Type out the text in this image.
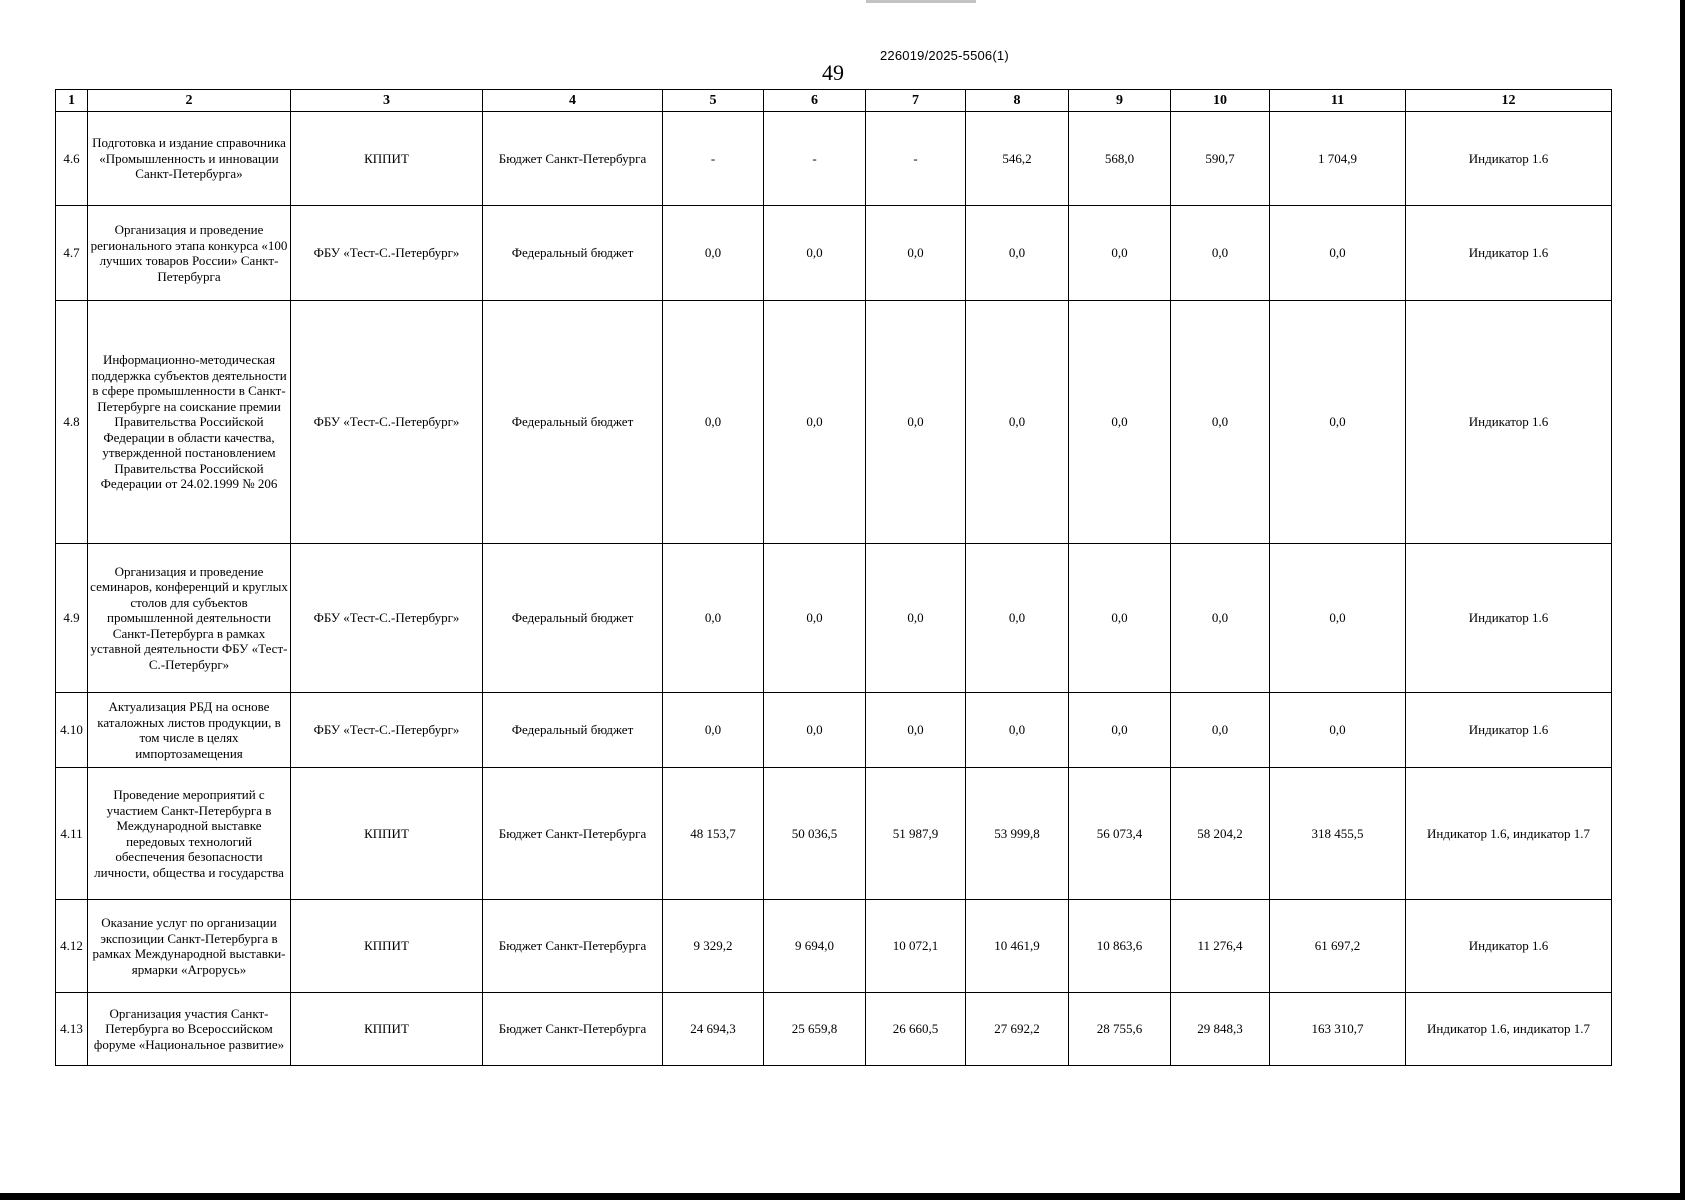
226019/2025-5506(1)
49
1	2	3	4	5	6	7	8	9	10	11	12
4.6	Подготовка и издание справочника «Промышленность и инновации Санкт-Петербурга»	КППИТ	Бюджет Санкт-Петербурга	-	-	-	546,2	568,0	590,7	1 704,9	Индикатор 1.6
4.7	Организация и проведение регионального этапа конкурса «100 лучших товаров России» Санкт-Петербурга	ФБУ «Тест-С.-Петербург»	Федеральный бюджет	0,0	0,0	0,0	0,0	0,0	0,0	0,0	Индикатор 1.6
4.8	Информационно-методическая поддержка субъектов деятельности в сфере промышленности в Санкт-Петербурге на соискание премии Правительства Российской Федерации в области качества, утвержденной постановлением Правительства Российской Федерации от 24.02.1999 № 206	ФБУ «Тест-С.-Петербург»	Федеральный бюджет	0,0	0,0	0,0	0,0	0,0	0,0	0,0	Индикатор 1.6
4.9	Организация и проведение семинаров, конференций и круглых столов для субъектов промышленной деятельности Санкт-Петербурга в рамках уставной деятельности ФБУ «Тест-С.-Петербург»	ФБУ «Тест-С.-Петербург»	Федеральный бюджет	0,0	0,0	0,0	0,0	0,0	0,0	0,0	Индикатор 1.6
4.10	Актуализация РБД на основе каталожных листов продукции, в том числе в целях импортозамещения	ФБУ «Тест-С.-Петербург»	Федеральный бюджет	0,0	0,0	0,0	0,0	0,0	0,0	0,0	Индикатор 1.6
4.11	Проведение мероприятий с участием Санкт-Петербурга в Международной выставке передовых технологий обеспечения безопасности личности, общества и государства	КППИТ	Бюджет Санкт-Петербурга	48 153,7	50 036,5	51 987,9	53 999,8	56 073,4	58 204,2	318 455,5	Индикатор 1.6, индикатор 1.7
4.12	Оказание услуг по организации экспозиции Санкт-Петербурга в рамках Международной выставки-ярмарки «Агрорусь»	КППИТ	Бюджет Санкт-Петербурга	9 329,2	9 694,0	10 072,1	10 461,9	10 863,6	11 276,4	61 697,2	Индикатор 1.6
4.13	Организация участия Санкт-Петербурга во Всероссийском форуме «Национальное развитие»	КППИТ	Бюджет Санкт-Петербурга	24 694,3	25 659,8	26 660,5	27 692,2	28 755,6	29 848,3	163 310,7	Индикатор 1.6, индикатор 1.7
